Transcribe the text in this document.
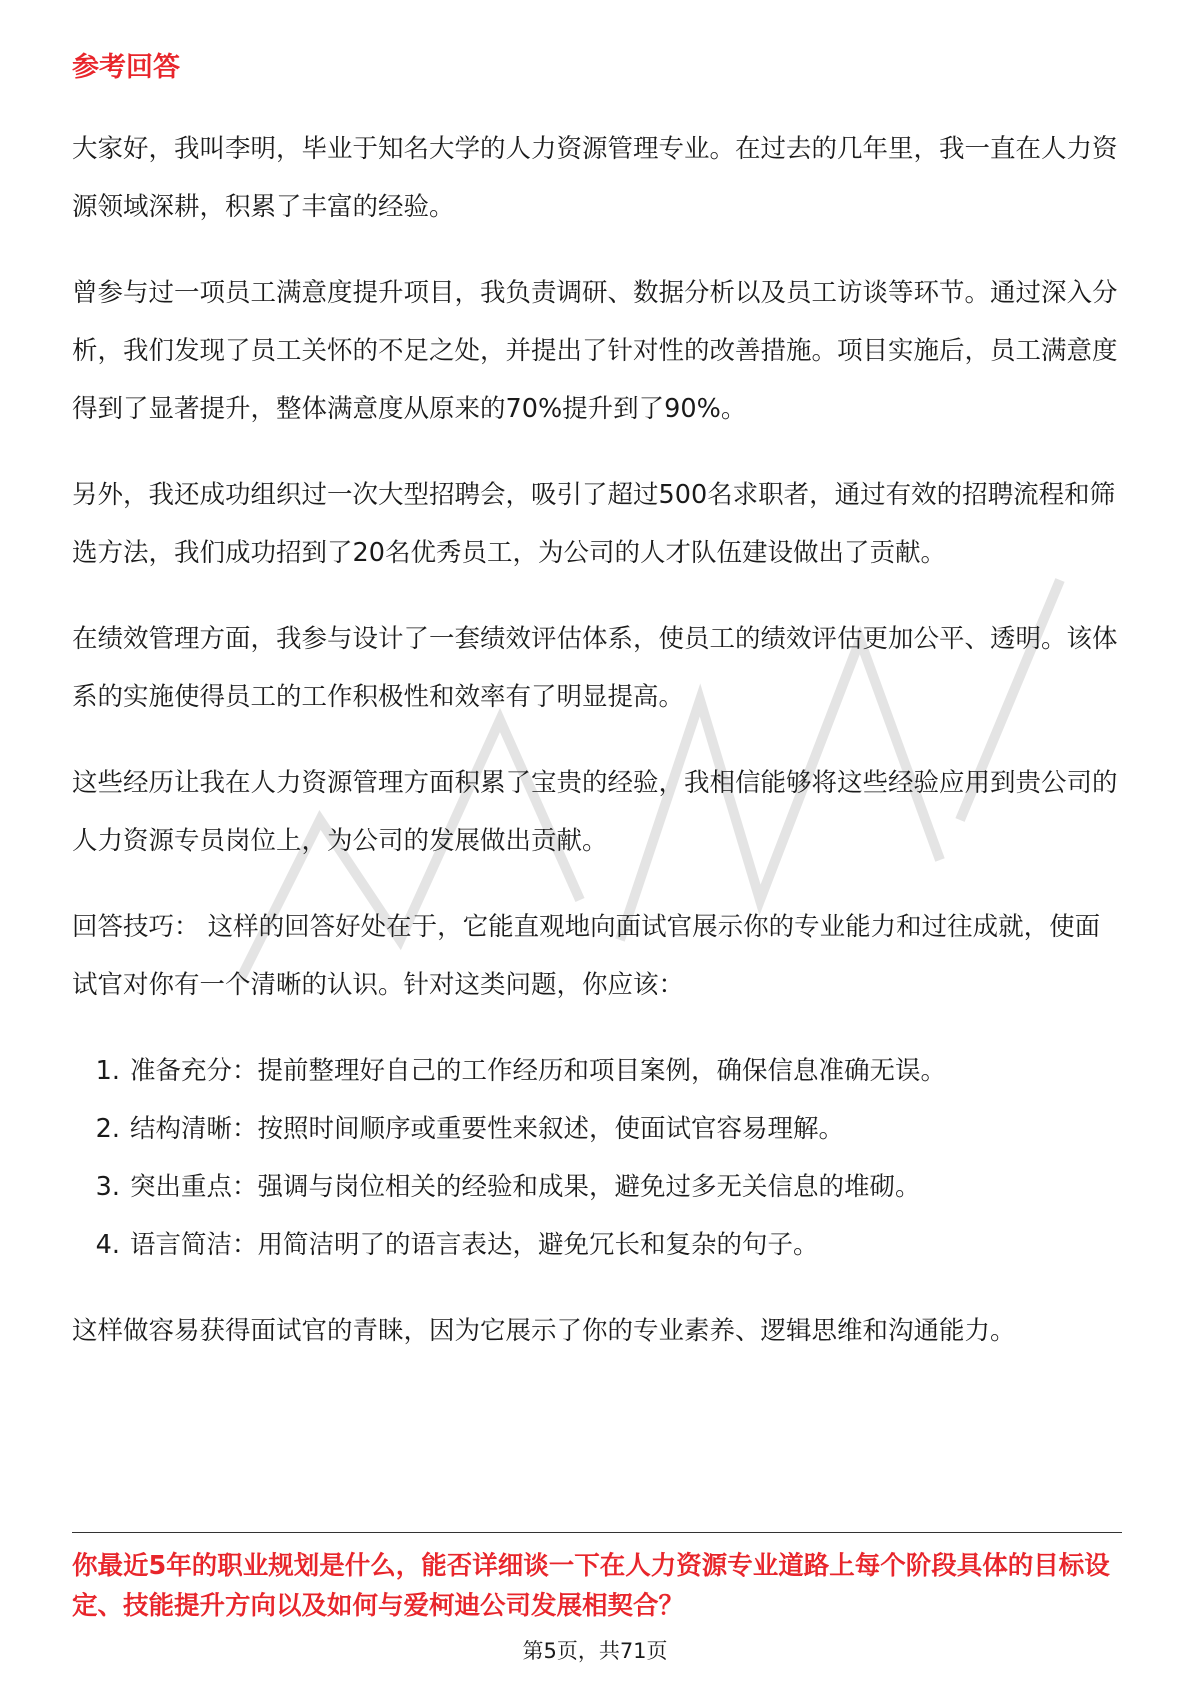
参考回答

大家好，我叫李明，毕业于知名大学的人力资源管理专业。在过去的几年里，我一直在人力资源领域深耕，积累了丰富的经验。

曾参与过一项员工满意度提升项目，我负责调研、数据分析以及员工访谈等环节。通过深入分析，我们发现了员工关怀的不足之处，并提出了针对性的改善措施。项目实施后，员工满意度得到了显著提升，整体满意度从原来的70%提升到了90%。

另外，我还成功组织过一次大型招聘会，吸引了超过500名求职者，通过有效的招聘流程和筛选方法，我们成功招到了20名优秀员工，为公司的人才队伍建设做出了贡献。

在绩效管理方面，我参与设计了一套绩效评估体系，使员工的绩效评估更加公平、透明。该体系的实施使得员工的工作积极性和效率有了明显提高。

这些经历让我在人力资源管理方面积累了宝贵的经验，我相信能够将这些经验应用到贵公司的人力资源专员岗位上，为公司的发展做出贡献。

回答技巧： 这样的回答好处在于，它能直观地向面试官展示你的专业能力和过往成就，使面试官对你有一个清晰的认识。针对这类问题，你应该：

1. 准备充分：提前整理好自己的工作经历和项目案例，确保信息准确无误。
2. 结构清晰：按照时间顺序或重要性来叙述，使面试官容易理解。
3. 突出重点：强调与岗位相关的经验和成果，避免过多无关信息的堆砌。
4. 语言简洁：用简洁明了的语言表达，避免冗长和复杂的句子。

这样做容易获得面试官的青睐，因为它展示了你的专业素养、逻辑思维和沟通能力。

你最近5年的职业规划是什么，能否详细谈一下在人力资源专业道路上每个阶段具体的目标设定、技能提升方向以及如何与爱柯迪公司发展相契合？

第5页，共71页
